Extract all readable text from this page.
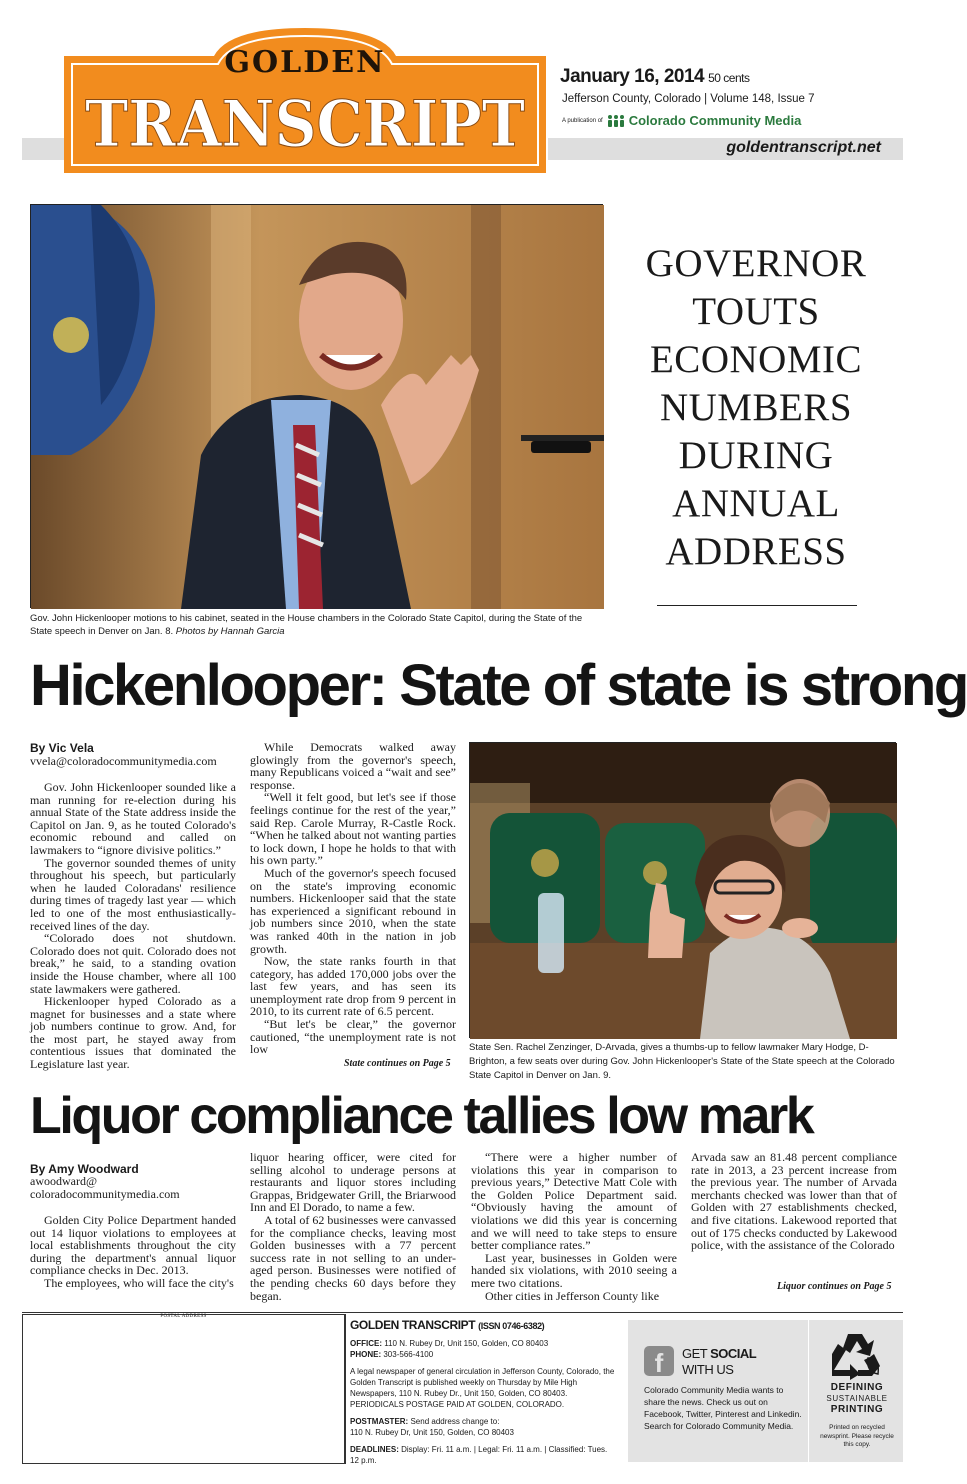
GOLDEN
TRANSCRIPT
January 16, 2014 50 cents
Jefferson County, Colorado | Volume 148, Issue 7
A publication of Colorado Community Media
goldentranscript.net
Gov. John Hickenlooper motions to his cabinet, seated in the House chambers in the Colorado State Capitol, during the State of the State speech in Denver on Jan. 8. Photos by Hannah Garcia
GOVERNOR
TOUTS
ECONOMIC
NUMBERS
DURING
ANNUAL
ADDRESS
Hickenlooper: State of state is strong
By Vic Vela
vvela@coloradocommunitymedia.com

Gov. John Hickenlooper sounded like a man running for re-election during his annual State of the State address inside the Capitol on Jan. 9, as he touted Colorado's economic rebound and called on lawmakers to “ignore divisive politics.”

The governor sounded themes of unity throughout his speech, but particularly when he lauded Coloradans' resilience during times of tragedy last year — which led to one of the most enthusiastically-received lines of the day.

“Colorado does not shutdown. Colorado does not quit. Colorado does not break,” he said, to a standing ovation inside the House chamber, where all 100 state lawmakers were gathered.

Hickenlooper hyped Colorado as a magnet for businesses and a state where job numbers continue to grow. And, for the most part, he stayed away from contentious issues that dominated the Legislature last year.

While Democrats walked away glowingly from the governor's speech, many Republicans voiced a “wait and see” response.

“Well it felt good, but let's see if those feelings continue for the rest of the year,” said Rep. Carole Murray, R-Castle Rock. “When he talked about not wanting parties to lock down, I hope he holds to that with his own party.”

Much of the governor's speech focused on the state's improving economic numbers. Hickenlooper said that the state has experienced a significant rebound in job numbers since 2010, when the state was ranked 40th in the nation in job growth.

Now, the state ranks fourth in that category, has added 170,000 jobs over the last few years, and has seen its unemployment rate drop from 9 percent in 2010, to its current rate of 6.5 percent.

“But let's be clear,” the governor cautioned, “the unemployment rate is not low

State continues on Page 5
State Sen. Rachel Zenzinger, D-Arvada, gives a thumbs-up to fellow lawmaker Mary Hodge, D-Brighton, a few seats over during Gov. John Hickenlooper's State of the State speech at the Colorado State Capitol in Denver on Jan. 9.
Liquor compliance tallies low mark
By Amy Woodward
awoodward@
coloradocommunitymedia.com

Golden City Police Department handed out 14 liquor violations to employees at local establishments throughout the city during the department's annual liquor compliance checks in Dec. 2013.

The employees, who will face the city's

liquor hearing officer, were cited for selling alcohol to underage persons at restaurants and liquor stores including Grappas, Bridgewater Grill, the Briarwood Inn and El Dorado, to name a few.

A total of 62 businesses were canvassed for the compliance checks, leaving most Golden businesses with a 77 percent success rate in not selling to an under-aged person. Businesses were notified of the pending checks 60 days before they began.

“There were a higher number of violations this year in comparison to previous years,” Detective Matt Cole with the Golden Police Department said. “Obviously having the amount of violations we did this year is concerning and we will need to take steps to ensure better compliance rates.”

Last year, businesses in Golden were handed six violations, with 2010 seeing a mere two citations.

Other cities in Jefferson County like

Arvada saw an 81.48 percent compliance rate in 2013, a 23 percent increase from the previous year. The number of Arvada merchants checked was lower than that of Golden with 27 establishments checked, and five citations. Lakewood reported that out of 175 checks conducted by Lakewood police, with the assistance of the Colorado

Liquor continues on Page 5
POSTAL ADDRESS
GOLDEN TRANSCRIPT (ISSN 0746-6382)
OFFICE: 110 N. Rubey Dr, Unit 150, Golden, CO 80403
PHONE: 303-566-4100
A legal newspaper of general circulation in Jefferson County, Colorado, the Golden Transcript is published weekly on Thursday by Mile High Newspapers, 110 N. Rubey Dr., Unit 150, Golden, CO 80403. PERIODICALS POSTAGE PAID AT GOLDEN, COLORADO.
POSTMASTER: Send address change to:
110 N. Rubey Dr, Unit 150, Golden, CO 80403
DEADLINES: Display: Fri. 11 a.m. | Legal: Fri. 11 a.m. | Classified: Tues. 12 p.m.
f	GET SOCIAL
WITH US
Colorado Community Media wants to share the news. Check us out on Facebook, Twitter, Pinterest and Linkedin. Search for Colorado Community Media.
DEFINING
SUSTAINABLE
PRINTING
Printed on recycled newsprint. Please recycle this copy.
